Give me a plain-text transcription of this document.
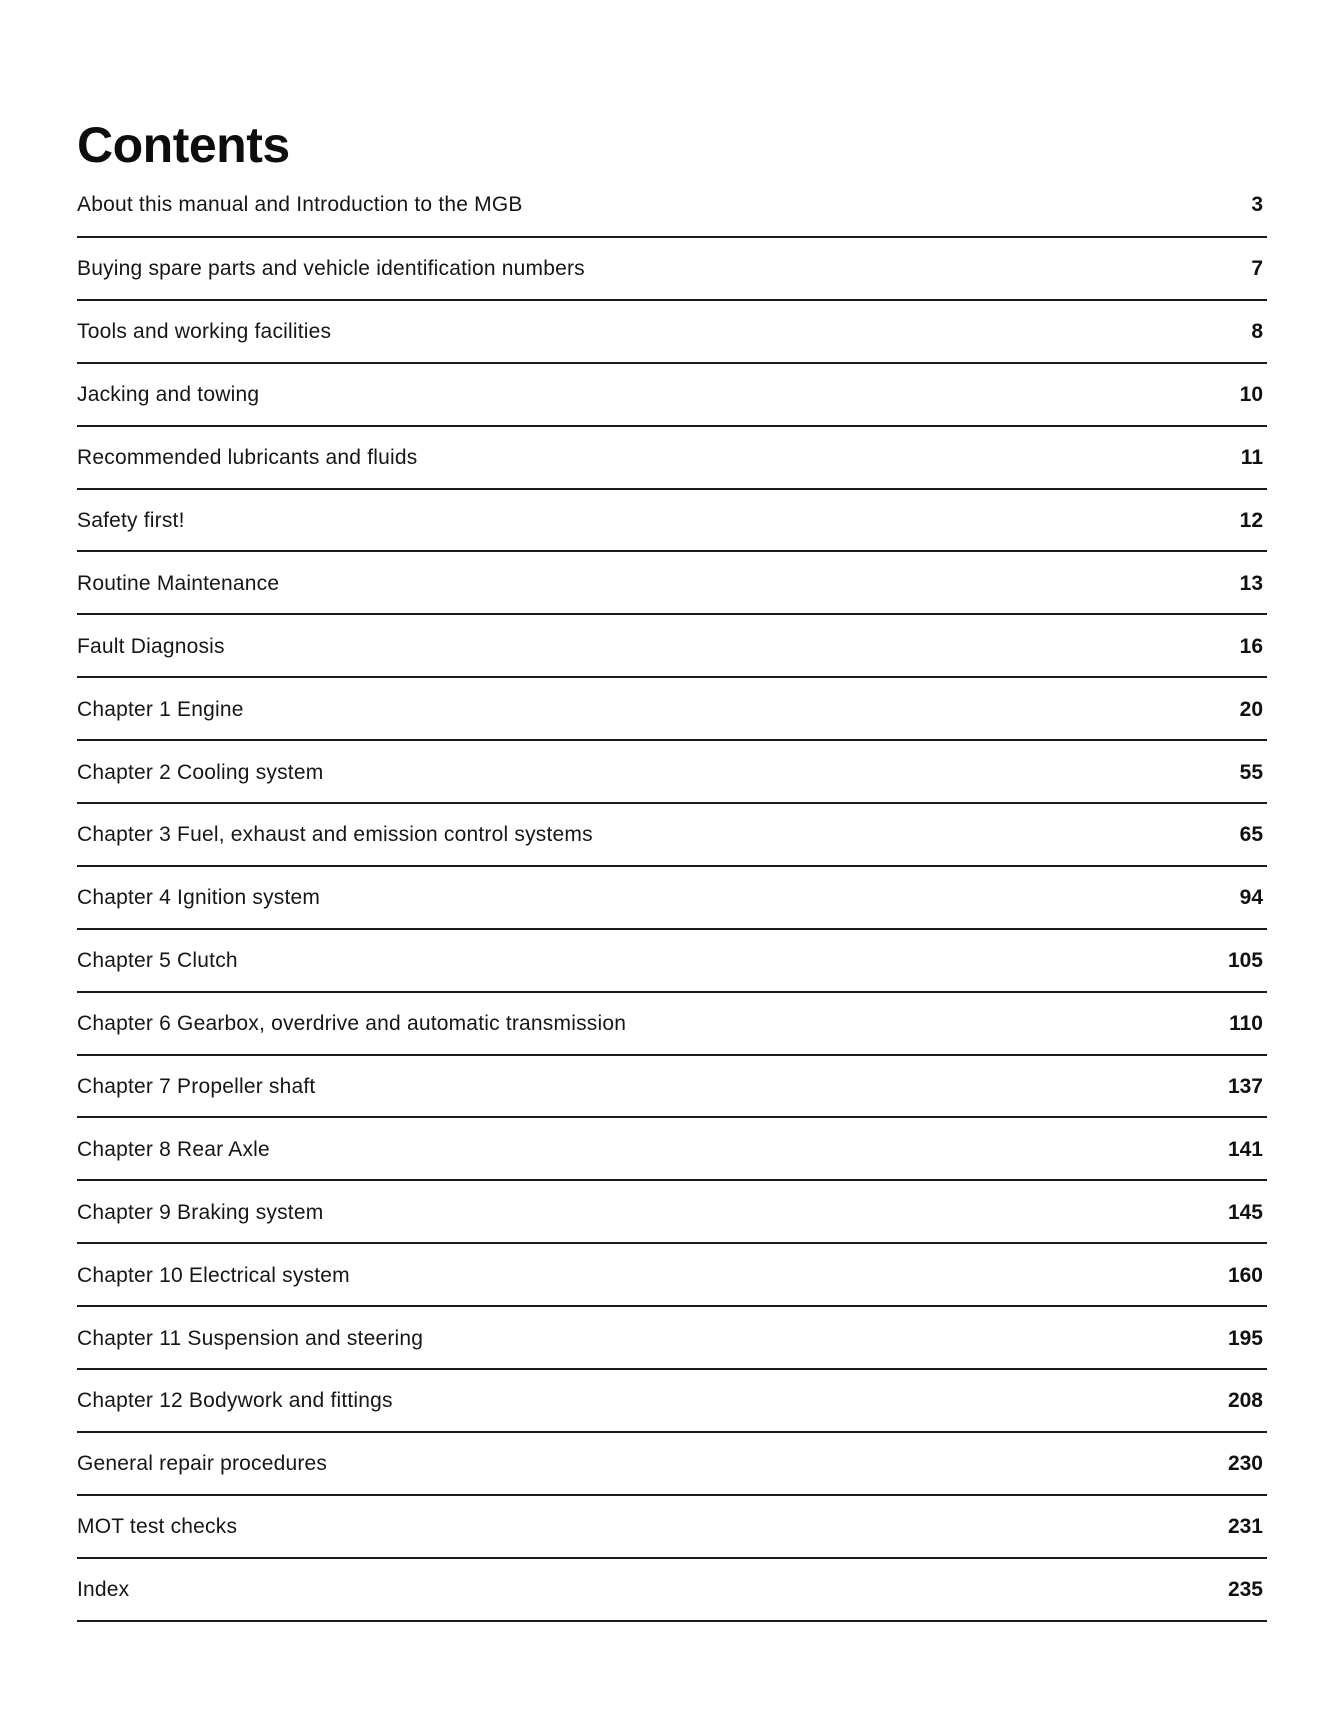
Contents
About this manual and Introduction to the MGB	3
Buying spare parts and vehicle identification numbers	7
Tools and working facilities	8
Jacking and towing	10
Recommended lubricants and fluids	11
Safety first!	12
Routine Maintenance	13
Fault Diagnosis	16
Chapter 1 Engine	20
Chapter 2 Cooling system	55
Chapter 3 Fuel, exhaust and emission control systems	65
Chapter 4 Ignition system	94
Chapter 5 Clutch	105
Chapter 6 Gearbox, overdrive and automatic transmission	110
Chapter 7 Propeller shaft	137
Chapter 8 Rear Axle	141
Chapter 9 Braking system	145
Chapter 10 Electrical system	160
Chapter 11 Suspension and steering	195
Chapter 12 Bodywork and fittings	208
General repair procedures	230
MOT test checks	231
Index	235
